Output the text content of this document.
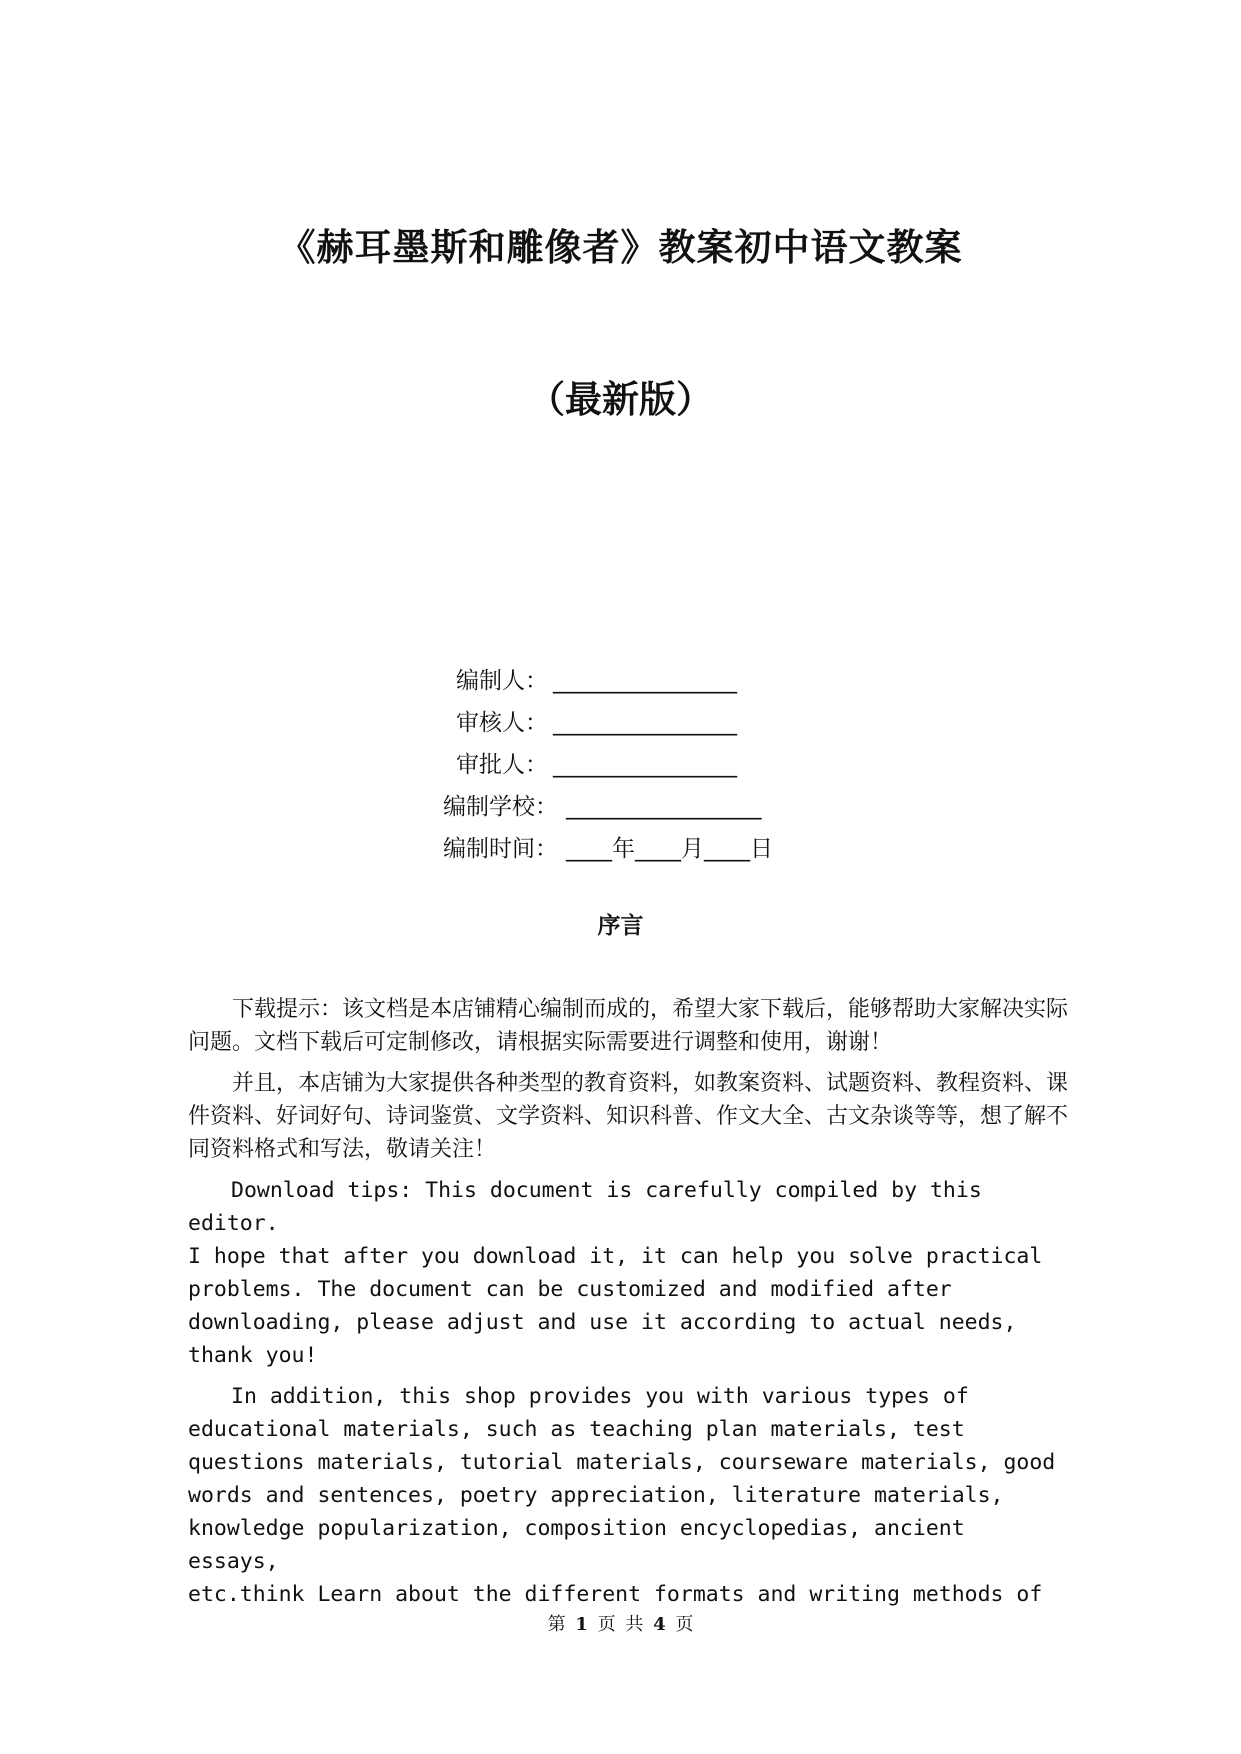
《赫耳墨斯和雕像者》教案初中语文教案
（最新版）

编制人：

________________

审核人：

________________

审批人：

________________

编制学校：

_________________

编制时间：

____年____月____日

序言

下载提示：该文档是本店铺精心编制而成的，希望大家下载后，能够帮助大家解决实际问题。文档下载后可定制修改，请根据实际需要进行调整和使用，谢谢！

并且，本店铺为大家提供各种类型的教育资料，如教案资料、试题资料、教程资料、课件资料、好词好句、诗词鉴赏、文学资料、知识科普、作文大全、古文杂谈等等，想了解不同资料格式和写法，敬请关注！

Download tips: This document is carefully compiled by this editor.
I hope that after you download it, it can help you solve practical
problems. The document can be customized and modified after
downloading, please adjust and use it according to actual needs,
thank you!

In addition, this shop provides you with various types of
educational materials, such as teaching plan materials, test
questions materials, tutorial materials, courseware materials, good
words and sentences, poetry appreciation, literature materials,
knowledge popularization, composition encyclopedias, ancient essays,
etc.think Learn about the different formats and writing methods of

第 1 页 共 4 页
